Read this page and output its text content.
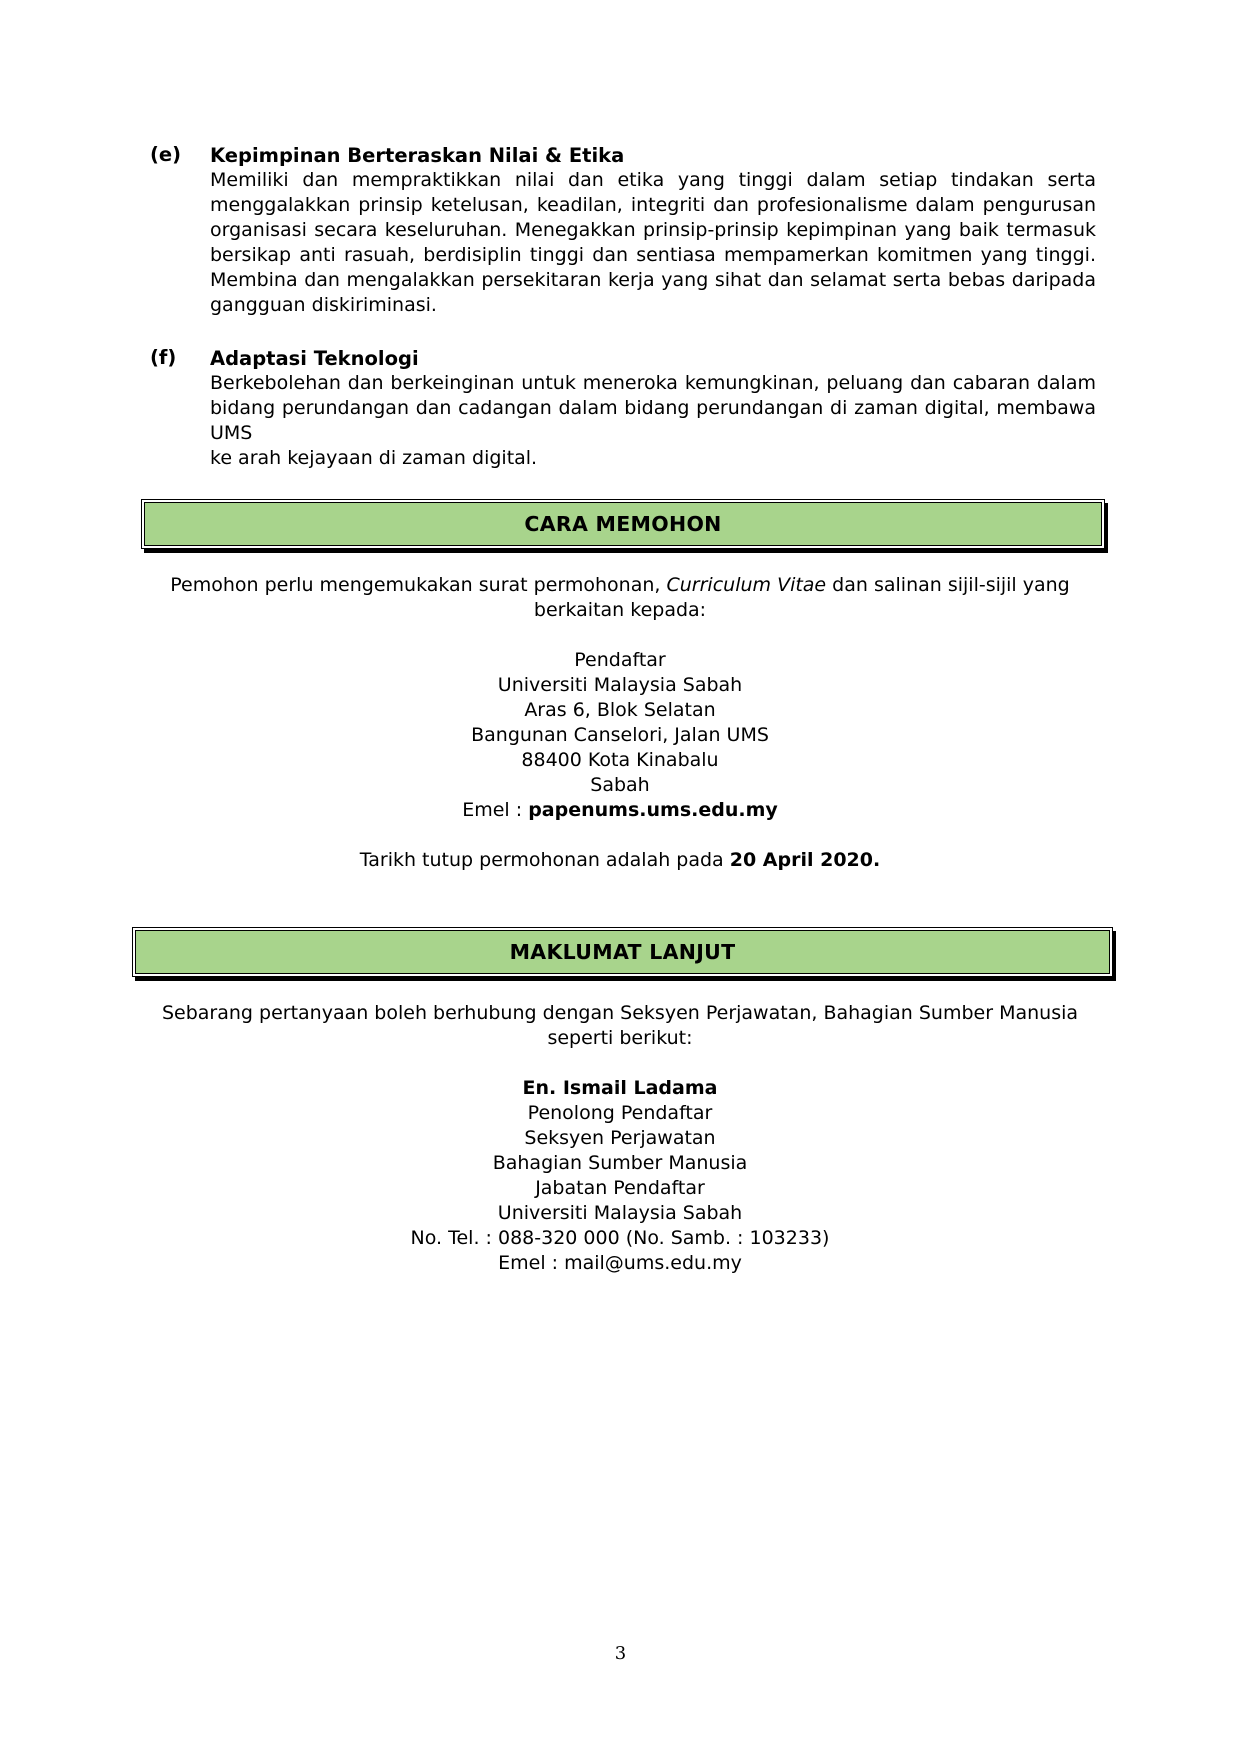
(e) Kepimpinan Berteraskan Nilai & Etika

Memiliki dan mempraktikkan nilai dan etika yang tinggi dalam setiap tindakan serta

menggalakkan prinsip ketelusan, keadilan, integriti dan profesionalisme dalam pengurusan

organisasi secara keseluruhan. Menegakkan prinsip-prinsip kepimpinan yang baik termasuk

bersikap anti rasuah, berdisiplin tinggi dan sentiasa mempamerkan komitmen yang tinggi.

Membina dan mengalakkan persekitaran kerja yang sihat dan selamat serta bebas daripada

gangguan diskiriminasi.

(f) Adaptasi Teknologi

Berkebolehan dan berkeinginan untuk meneroka kemungkinan, peluang dan cabaran dalam

bidang perundangan dan cadangan dalam bidang perundangan di zaman digital, membawa UMS

ke arah kejayaan di zaman digital.

CARA MEMOHON
Pemohon perlu mengemukakan surat permohonan, Curriculum Vitae dan salinan sijil-sijil yang
berkaitan kepada:
Pendaftar
Universiti Malaysia Sabah
Aras 6, Blok Selatan
Bangunan Canselori, Jalan UMS
88400 Kota Kinabalu
Sabah
Emel : papenums.ums.edu.my
Tarikh tutup permohonan adalah pada 20 April 2020.
MAKLUMAT LANJUT
Sebarang pertanyaan boleh berhubung dengan Seksyen Perjawatan, Bahagian Sumber Manusia
seperti berikut:
En. Ismail Ladama
Penolong Pendaftar
Seksyen Perjawatan
Bahagian Sumber Manusia
Jabatan Pendaftar
Universiti Malaysia Sabah
No. Tel. : 088-320 000 (No. Samb. : 103233)
Emel : mail@ums.edu.my
3
